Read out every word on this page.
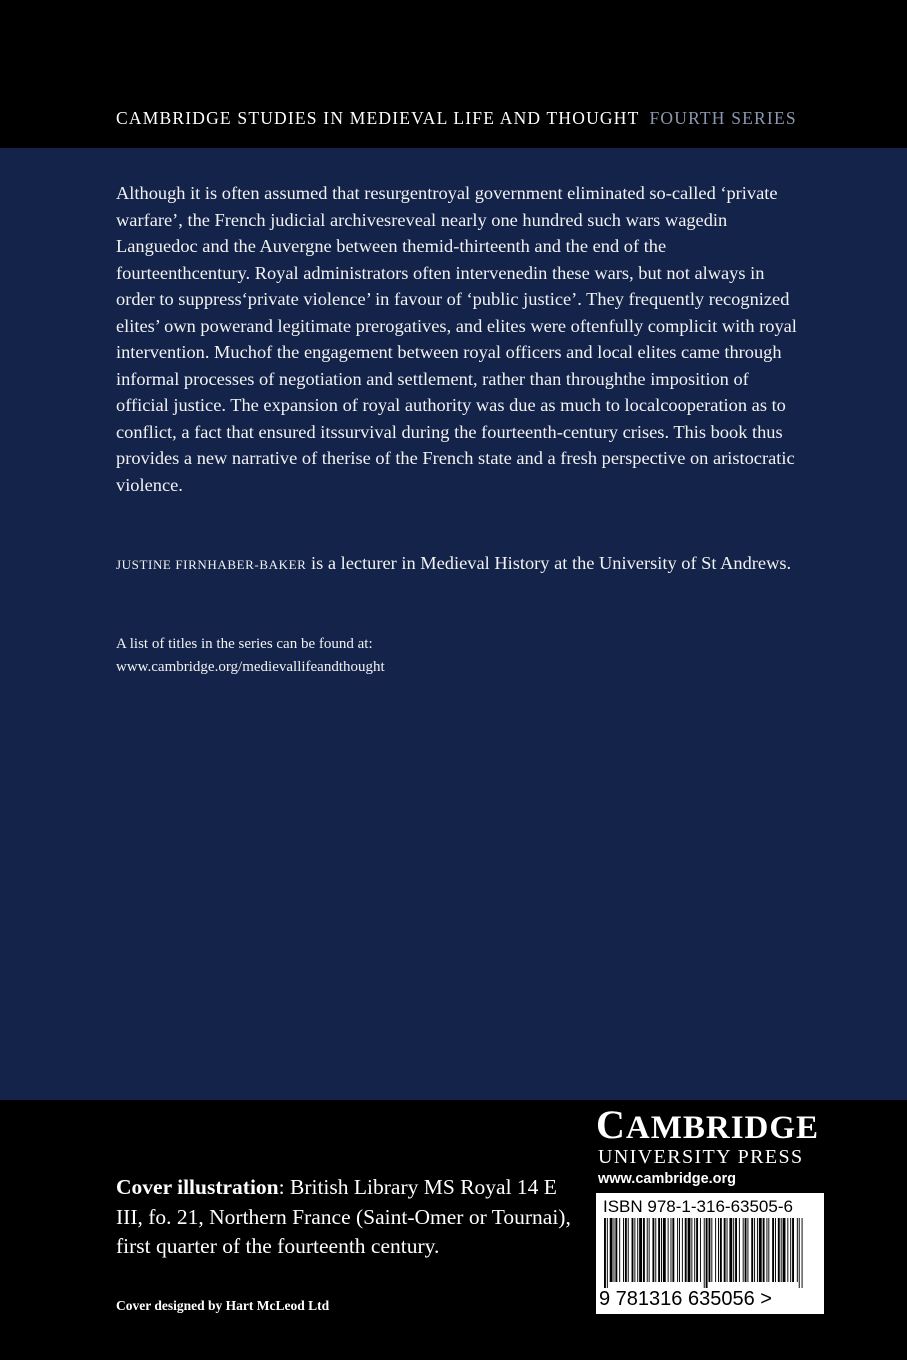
CAMBRIDGE STUDIES IN MEDIEVAL LIFE AND THOUGHT FOURTH SERIES

Although it is often assumed that resurgentroyal government eliminated so-called ‘private warfare’, the French judicial archivesreveal nearly one hundred such wars wagedin Languedoc and the Auvergne between themid-thirteenth and the end of the fourteenthcentury. Royal administrators often intervenedin these wars, but not always in order to suppress‘private violence’ in favour of ‘public justice’. They frequently recognized elites’ own powerand legitimate prerogatives, and elites were oftenfully complicit with royal intervention. Muchof the engagement between royal officers and local elites came through informal processes of negotiation and settlement, rather than throughthe imposition of official justice. The expansion of royal authority was due as much to localcooperation as to conflict, a fact that ensured itssurvival during the fourteenth-century crises. This book thus provides a new narrative of therise of the French state and a fresh perspective on aristocratic violence.

JUSTINE FIRNHABER-BAKER is a lecturer in Medieval History at the University of St Andrews.

A list of titles in the series can be found at:
www.cambridge.org/medievallifeandthought

Cover illustration: British Library MS Royal 14 E III, fo. 21, Northern France (Saint-Omer or Tournai), first quarter of the fourteenth century.

Cover designed by Hart McLeod Ltd

CAMBRIDGE
UNIVERSITY PRESS
www.cambridge.org

ISBN 978-1-316-63505-6

9 781316 635056 >
